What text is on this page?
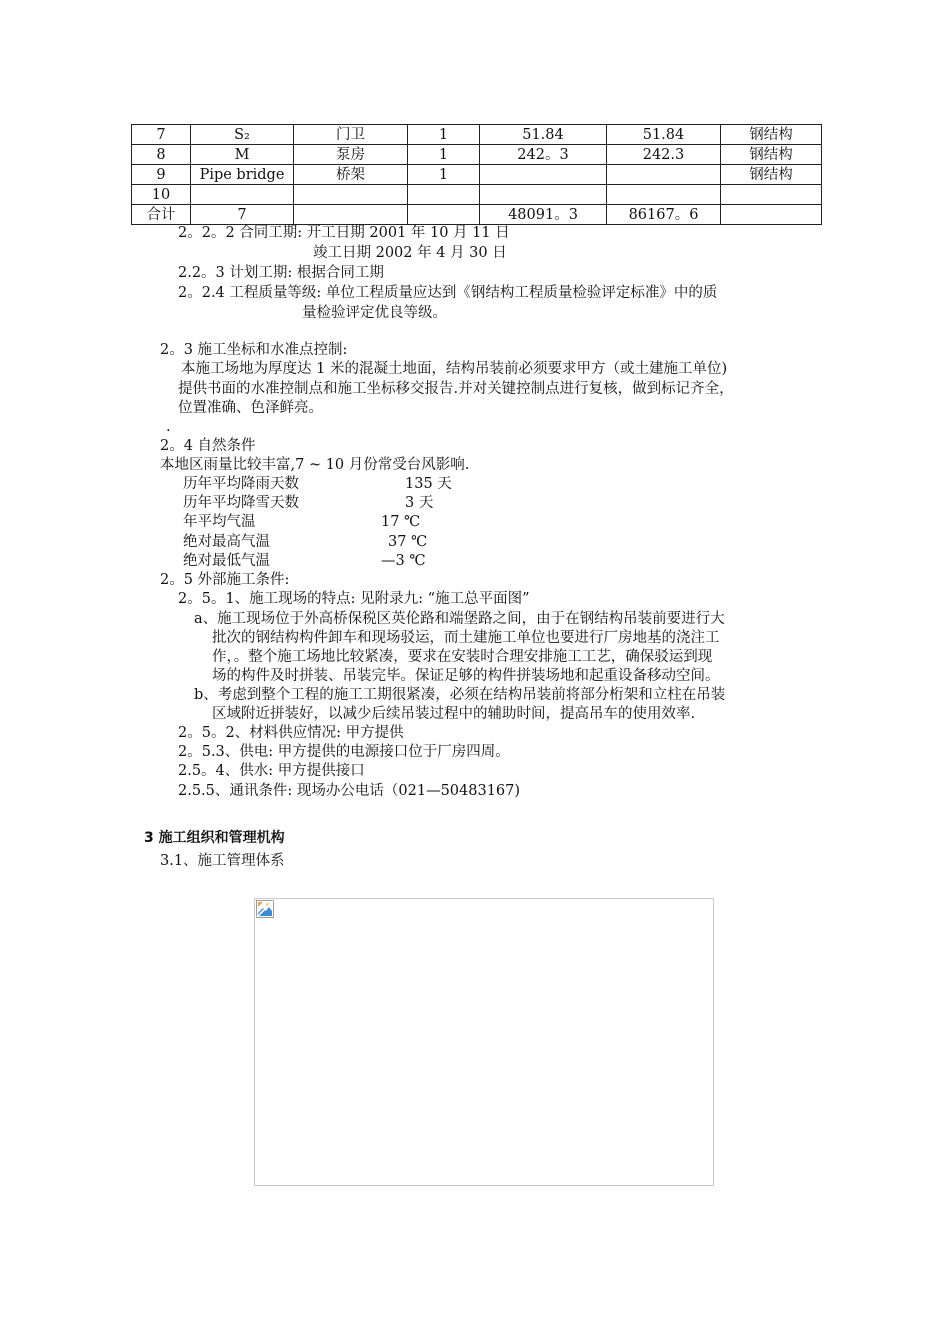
7	S₂	门卫	1	51.84	51.84	钢结构
8	M	泵房	1	242。3	242.3	钢结构
9	Pipe bridge	桥架	1			钢结构
10						
合计	7			48091。3	86167。6	
2。2。2 合同工期: 开工日期 2001 年 10 月 11 日
竣工日期 2002 年 4 月 30 日
2.2。3 计划工期: 根据合同工期
2。2.4 工程质量等级: 单位工程质量应达到《钢结构工程质量检验评定标准》中的质
量检验评定优良等级。
2。3 施工坐标和水准点控制:
本施工场地为厚度达 1 米的混凝土地面，结构吊装前必须要求甲方（或土建施工单位)
提供书面的水准控制点和施工坐标移交报告.并对关键控制点进行复核，做到标记齐全，
位置准确、色泽鲜亮。
.
2。4 自然条件
本地区雨量比较丰富,7 ~ 10 月份常受台风影响.
历年平均降雨天数	135 天
历年平均降雪天数	3 天
年平均气温	17 ℃
绝对最高气温	37 ℃
绝对最低气温	—3 ℃
2。5 外部施工条件:
2。5。1、施工现场的特点: 见附录九: “施工总平面图”
a、施工现场位于外高桥保税区英伦路和端堡路之间，由于在钢结构吊装前要进行大
批次的钢结构构件卸车和现场驳运，而土建施工单位也要进行厂房地基的浇注工
作，。整个施工场地比较紧凑，要求在安装时合理安排施工工艺，确保驳运到现
场的构件及时拼装、吊装完毕。保证足够的构件拼装场地和起重设备移动空间。
b、考虑到整个工程的施工工期很紧凑，必须在结构吊装前将部分桁架和立柱在吊装
区域附近拼装好，以减少后续吊装过程中的辅助时间，提高吊车的使用效率.
2。5。2、材料供应情况: 甲方提供
2。5.3、供电: 甲方提供的电源接口位于厂房四周。
2.5。4、供水: 甲方提供接口
2.5.5、通讯条件: 现场办公电话（021—50483167)
3 施工组织和管理机构
3.1、施工管理体系
